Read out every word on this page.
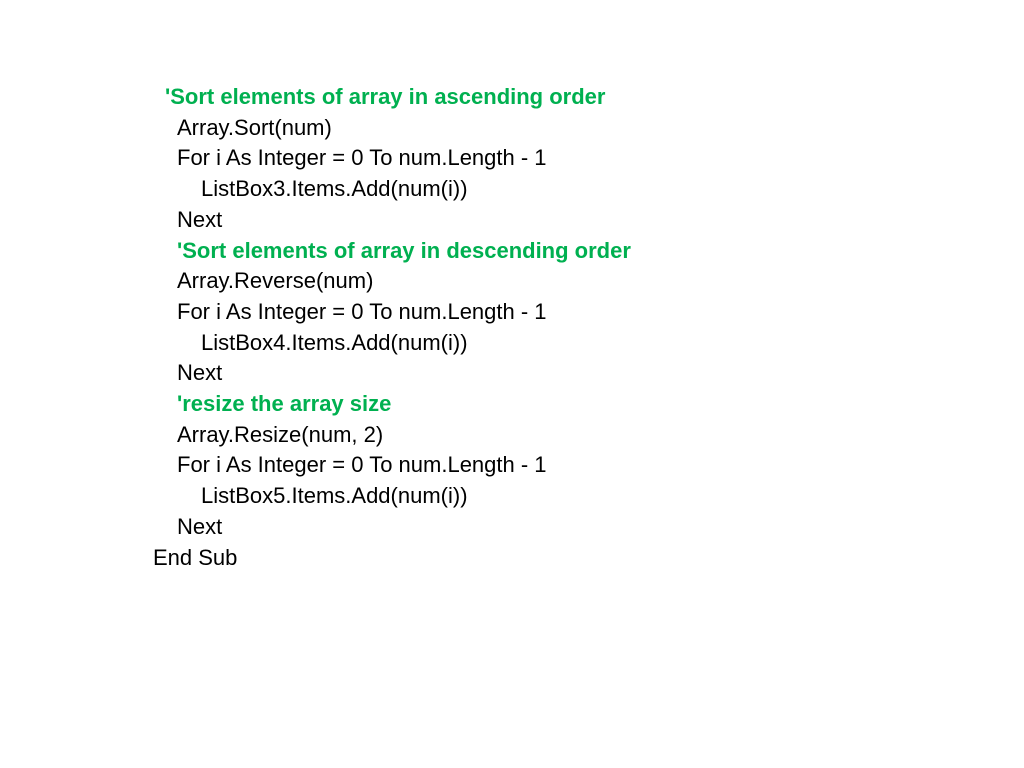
'Sort elements of array in ascending order
Array.Sort(num)
For i As Integer = 0 To num.Length - 1
ListBox3.Items.Add(num(i))
Next
'Sort elements of array in descending order
Array.Reverse(num)
For i As Integer = 0 To num.Length - 1
ListBox4.Items.Add(num(i))
Next
'resize the array size
Array.Resize(num, 2)
For i As Integer = 0 To num.Length - 1
ListBox5.Items.Add(num(i))
Next
End Sub
